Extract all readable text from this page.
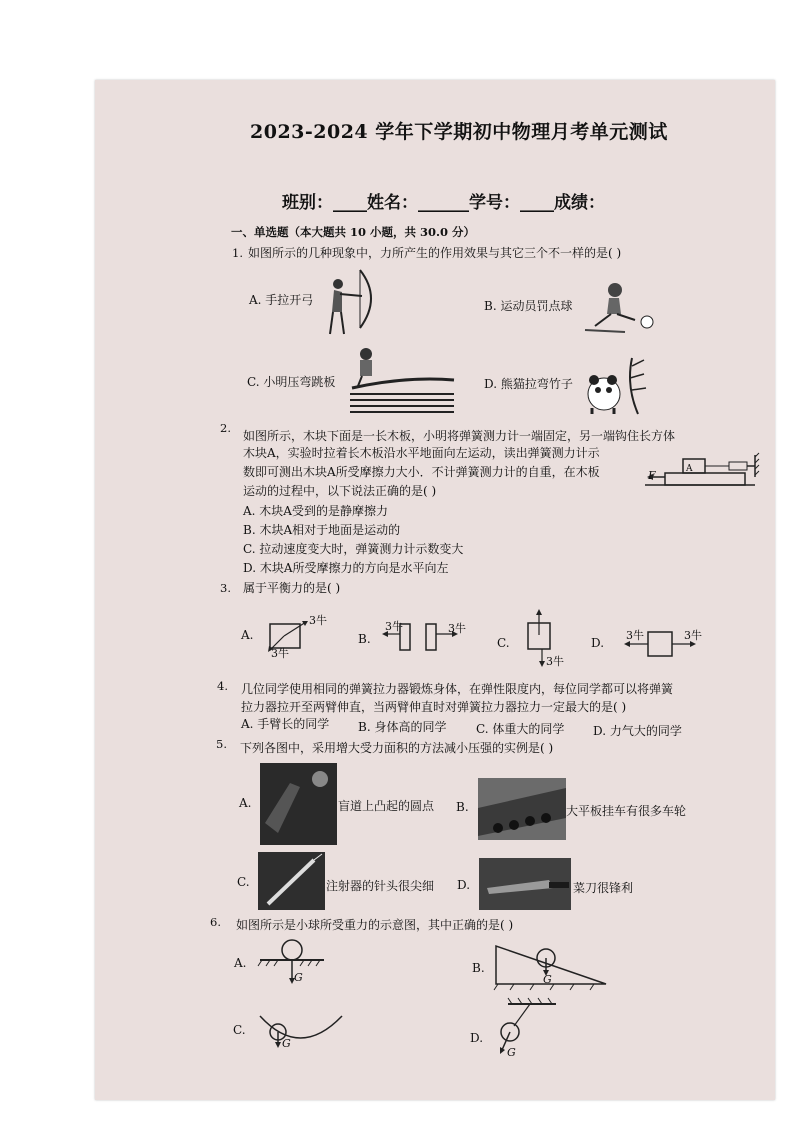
2023-2024 学年下学期初中物理月考单元测试
班别：____姓名：______学号：____成绩：
一、单选题（本大题共 10 小题，共 30.0 分）
1. 如图所示的几种现象中，力所产生的作用效果与其它三个不一样的是( )
A. 手拉开弓	B. 运动员罚点球
C. 小明压弯跳板	D. 熊猫拉弯竹子
2.
如图所示，木块下面是一长木板，小明将弹簧测力计一端固定，另一端钩住长方体
木块A，实验时拉着长木板沿水平地面向左运动，读出弹簧测力计示
数即可测出木块A所受摩擦力大小．不计弹簧测力计的自重，在木板
运动的过程中，以下说法正确的是( )
A. 木块A受到的是静摩擦力
B. 木块A相对于地面是运动的
C. 拉动速度变大时，弹簧测力计示数变大
D. 木块A所受摩擦力的方向是水平向左
F	A
3. 属于平衡力的是( )
A.	B.	C.	D.
3牛
3牛
3牛	3牛
3牛
3牛	3牛
4. 几位同学使用相同的弹簧拉力器锻炼身体，在弹性限度内，每位同学都可以将弹簧
拉力器拉开至两臂伸直，当两臂伸直时对弹簧拉力器拉力一定最大的是( )
A. 手臂长的同学 B. 身体高的同学 C. 体重大的同学 D. 力气大的同学
5. 下列各图中，采用增大受力面积的方法减小压强的实例是( )
A.	盲道上凸起的圆点 B.	大平板挂车有很多车轮
C.	注射器的针头很尖细 D.	菜刀很锋利
6. 如图所示是小球所受重力的示意图，其中正确的是( )
A.
G
B.
G
C.
G	D.
G
